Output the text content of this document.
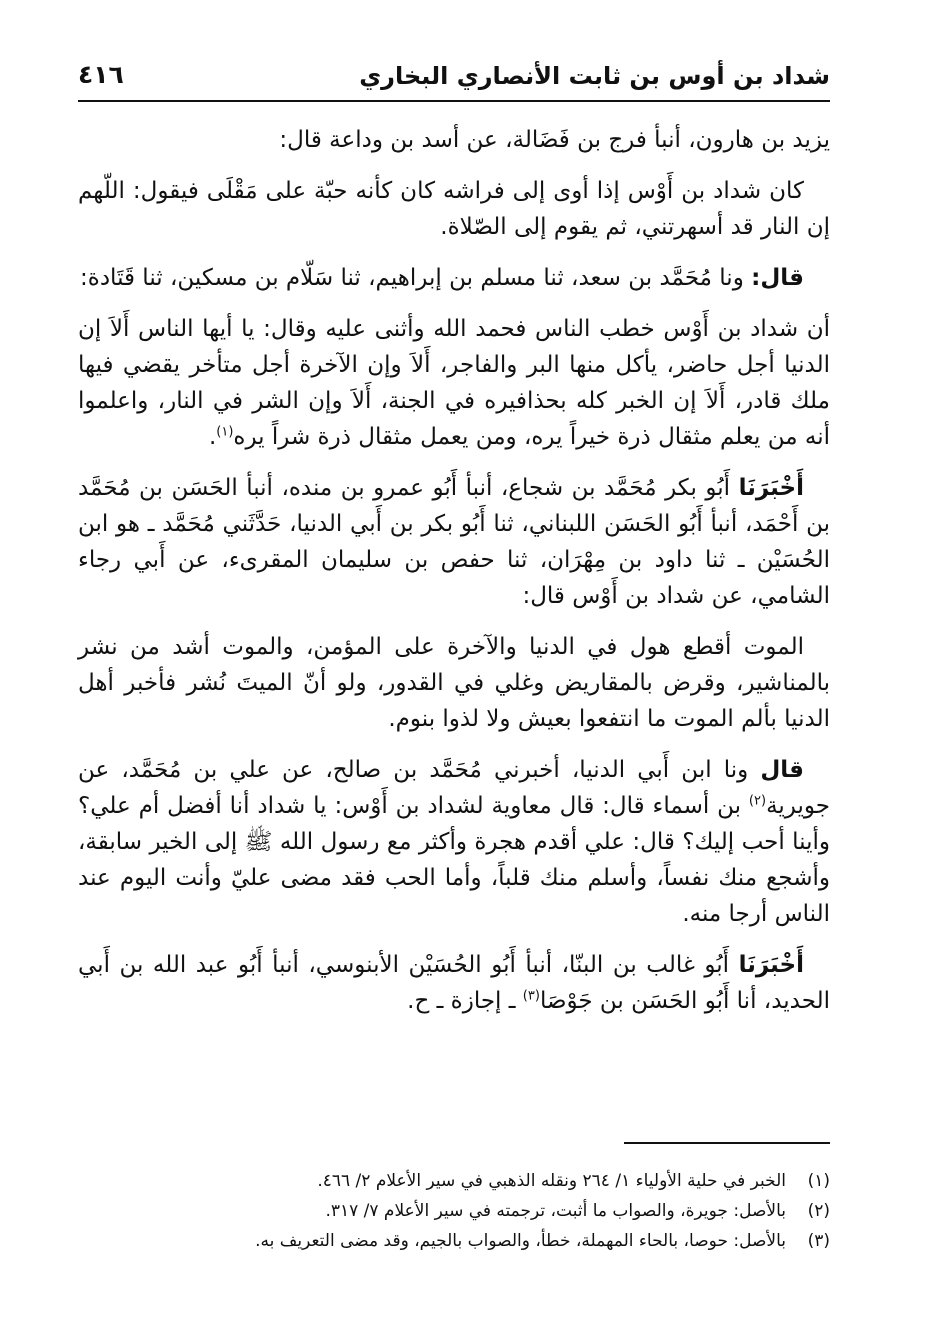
شداد بن أوس بن ثابت الأنصاري البخاري
٤١٦

يزيد بن هارون، أنبأ فرج بن فَضَالة، عن أسد بن وداعة قال:

كان شداد بن أَوْس إذا أوى إلى فراشه كان كأنه حبّة على مَقْلَى فيقول: اللّهم إن النار قد أسهرتني، ثم يقوم إلى الصّلاة.

قال: ونا مُحَمَّد بن سعد، ثنا مسلم بن إبراهيم، ثنا سَلّام بن مسكين، ثنا قَتَادة:

أن شداد بن أَوْس خطب الناس فحمد الله وأثنى عليه وقال: يا أيها الناس أَلاَ إن الدنيا أجل حاضر، يأكل منها البر والفاجر، أَلاَ وإن الآخرة أجل متأخر يقضي فيها ملك قادر، أَلاَ إن الخبر كله بحذافيره في الجنة، أَلاَ وإن الشر في النار، واعلموا أنه من يعلم مثقال ذرة خيراً يره، ومن يعمل مثقال ذرة شراً يره$^{(١)}$.

أَخْبَرَنَا أَبُو بكر مُحَمَّد بن شجاع، أنبأ أَبُو عمرو بن منده، أنبأ الحَسَن بن مُحَمَّد بن أَحْمَد، أنبأ أَبُو الحَسَن اللبناني، ثنا أَبُو بكر بن أَبي الدنيا، حَدَّثَني مُحَمَّد ـ هو ابن الحُسَيْن ـ ثنا داود بن مِهْرَان، ثنا حفص بن سليمان المقرىء، عن أَبي رجاء الشامي، عن شداد بن أَوْس قال:

الموت أقطع هول في الدنيا والآخرة على المؤمن، والموت أشد من نشر بالمناشير، وقرض بالمقاريض وغلي في القدور، ولو أنّ الميتَ نُشر فأخبر أهل الدنيا بألم الموت ما انتفعوا بعيش ولا لذوا بنوم.

قال ونا ابن أَبي الدنيا، أخبرني مُحَمَّد بن صالح، عن علي بن مُحَمَّد، عن جويرية$^{(٢)}$ بن أسماء قال: قال معاوية لشداد بن أَوْس: يا شداد أنا أفضل أم علي؟ وأينا أحب إليك؟ قال: علي أقدم هجرة وأكثر مع رسول الله ﷺ إلى الخير سابقة، وأشجع منك نفساً، وأسلم منك قلباً، وأما الحب فقد مضى عليّ وأنت اليوم عند الناس أرجا منه.

أَخْبَرَنَا أَبُو غالب بن البنّا، أنبأ أَبُو الحُسَيْن الأبنوسي، أنبأ أَبُو عبد الله بن أَبي الحديد، أنا أَبُو الحَسَن بن جَوْصَا$^{(٣)}$ ـ إجازة ـ ح.

(١)الخبر في حلية الأولياء ١/ ٢٦٤ ونقله الذهبي في سير الأعلام ٢/ ٤٦٦.
(٢)بالأصل: جويرة، والصواب ما أثبت، ترجمته في سير الأعلام ٧/ ٣١٧.
(٣)بالأصل: حوصا، بالحاء المهملة، خطأ، والصواب بالجيم، وقد مضى التعريف به.
